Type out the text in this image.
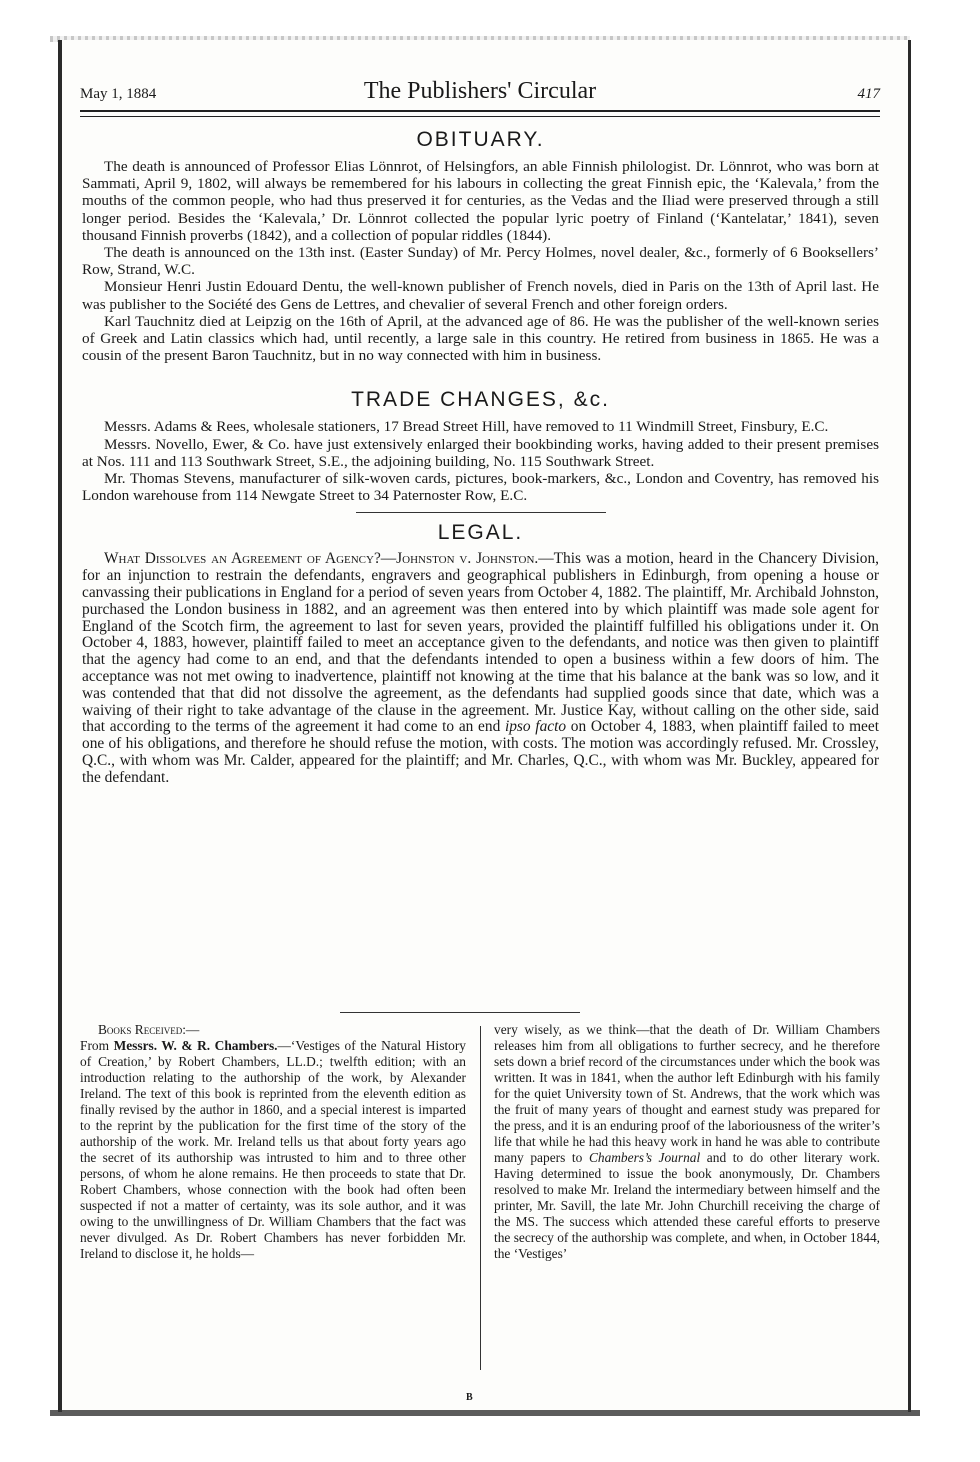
May 1, 1884	The Publishers' Circular	417
OBITUARY.

The death is announced of Professor Elias Lönnrot, of Helsingfors, an able Finnish philologist. Dr. Lönnrot, who was born at Sammati, April 9, 1802, will always be remembered for his labours in collecting the great Finnish epic, the ‘Kalevala,’ from the mouths of the common people, who had thus preserved it for centuries, as the Vedas and the Iliad were preserved through a still longer period. Besides the ‘Kalevala,’ Dr. Lönnrot collected the popular lyric poetry of Finland (‘Kantelatar,’ 1841), seven thousand Finnish proverbs (1842), and a collection of popular riddles (1844).

The death is announced on the 13th inst. (Easter Sunday) of Mr. Percy Holmes, novel dealer, &c., formerly of 6 Booksellers’ Row, Strand, W.C.

Monsieur Henri Justin Edouard Dentu, the well-known publisher of French novels, died in Paris on the 13th of April last. He was publisher to the Société des Gens de Lettres, and chevalier of several French and other foreign orders.

Karl Tauchnitz died at Leipzig on the 16th of April, at the advanced age of 86. He was the publisher of the well-known series of Greek and Latin classics which had, until recently, a large sale in this country. He retired from business in 1865. He was a cousin of the present Baron Tauchnitz, but in no way connected with him in business.

TRADE CHANGES, &c.

Messrs. Adams & Rees, wholesale stationers, 17 Bread Street Hill, have removed to 11 Windmill Street, Finsbury, E.C.

Messrs. Novello, Ewer, & Co. have just extensively enlarged their bookbinding works, having added to their present premises at Nos. 111 and 113 Southwark Street, S.E., the adjoining building, No. 115 Southwark Street.

Mr. Thomas Stevens, manufacturer of silk-woven cards, pictures, book-markers, &c., London and Coventry, has removed his London warehouse from 114 Newgate Street to 34 Paternoster Row, E.C.

LEGAL.

What Dissolves an Agreement of Agency?—Johnston v. Johnston.—This was a motion, heard in the Chancery Division, for an injunction to restrain the defendants, engravers and geographical publishers in Edinburgh, from opening a house or canvassing their publications in England for a period of seven years from October 4, 1882. The plaintiff, Mr. Archibald Johnston, purchased the London business in 1882, and an agreement was then entered into by which plaintiff was made sole agent for England of the Scotch firm, the agreement to last for seven years, provided the plaintiff fulfilled his obligations under it. On October 4, 1883, however, plaintiff failed to meet an acceptance given to the defendants, and notice was then given to plaintiff that the agency had come to an end, and that the defendants intended to open a business within a few doors of him. The acceptance was not met owing to inadvertence, plaintiff not knowing at the time that his balance at the bank was so low, and it was contended that that did not dissolve the agreement, as the defendants had supplied goods since that date, which was a waiving of their right to take advantage of the clause in the agreement. Mr. Justice Kay, without calling on the other side, said that according to the terms of the agreement it had come to an end ipso facto on October 4, 1883, when plaintiff failed to meet one of his obligations, and therefore he should refuse the motion, with costs. The motion was accordingly refused. Mr. Crossley, Q.C., with whom was Mr. Calder, appeared for the plaintiff; and Mr. Charles, Q.C., with whom was Mr. Buckley, appeared for the defendant.

Books Received:—

From Messrs. W. & R. Chambers.—‘Vestiges of the Natural History of Creation,’ by Robert Chambers, LL.D.; twelfth edition; with an introduction relating to the authorship of the work, by Alexander Ireland. The text of this book is reprinted from the eleventh edition as finally revised by the author in 1860, and a special interest is imparted to the reprint by the publication for the first time of the story of the authorship of the work. Mr. Ireland tells us that about forty years ago the secret of its authorship was intrusted to him and to three other persons, of whom he alone remains. He then proceeds to state that Dr. Robert Chambers, whose connection with the book had often been suspected if not a matter of certainty, was its sole author, and it was owing to the unwillingness of Dr. William Chambers that the fact was never divulged. As Dr. Robert Chambers has never forbidden Mr. Ireland to disclose it, he holds—

very wisely, as we think—that the death of Dr. William Chambers releases him from all obligations to further secrecy, and he therefore sets down a brief record of the circumstances under which the book was written. It was in 1841, when the author left Edinburgh with his family for the quiet University town of St. Andrews, that the work which was the fruit of many years of thought and earnest study was prepared for the press, and it is an enduring proof of the laboriousness of the writer’s life that while he had this heavy work in hand he was able to contribute many papers to Chambers’s Journal and to do other literary work. Having determined to issue the book anonymously, Dr. Chambers resolved to make Mr. Ireland the intermediary between himself and the printer, Mr. Savill, the late Mr. John Churchill receiving the charge of the MS. The success which attended these careful efforts to preserve the secrecy of the authorship was complete, and when, in October 1844, the ‘Vestiges’

B
